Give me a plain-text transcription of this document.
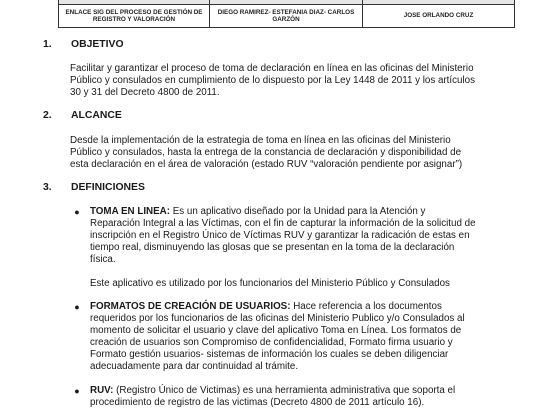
ENLACE SIG DEL PROCESO DE GESTIÓN DE REGISTRO Y VALORACIÓN	DIEGO RAMIREZ- ESTEFANIA DIAZ- CARLOS GARZÓN	JOSE ORLANDO CRUZ
1. OBJETIVO
Facilitar y garantizar el proceso de toma de declaración en línea en las oficinas del Ministerio
Público y consulados en cumplimiento de lo dispuesto por la Ley 1448 de 2011 y los artículos
30 y 31 del Decreto 4800 de 2011.
2. ALCANCE
Desde la implementación de la estrategia de toma en línea en las oficinas del Ministerio
Público y consulados, hasta la entrega de la constancia de declaración y disponibilidad de
esta declaración en el área de valoración (estado RUV “valoración pendiente por asignar”)
3. DEFINICIONES
● TOMA EN LINEA: Es un aplicativo diseñado por la Unidad para la Atención y
Reparación Integral a las Víctimas, con el fin de capturar la información de la solicitud de
inscripción en el Registro Único de Víctimas RUV y garantizar la radicación de estas en
tiempo real, disminuyendo las glosas que se presentan en la toma de la declaración
física.
Este aplicativo es utilizado por los funcionarios del Ministerio Público y Consulados
● FORMATOS DE CREACIÓN DE USUARIOS: Hace referencia a los documentos
requeridos por los funcionarios de las oficinas del Ministerio Publico y/o Consulados al
momento de solicitar el usuario y clave del aplicativo Toma en Línea. Los formatos de
creación de usuarios son Compromiso de confidencialidad, Formato firma usuario y
Formato gestión usuarios- sistemas de información los cuales se deben diligenciar
adecuadamente para dar continuidad al trámite.
● RUV: (Registro Único de Victimas) es una herramienta administrativa que soporta el
procedimiento de registro de las victimas (Decreto 4800 de 2011 artículo 16).
